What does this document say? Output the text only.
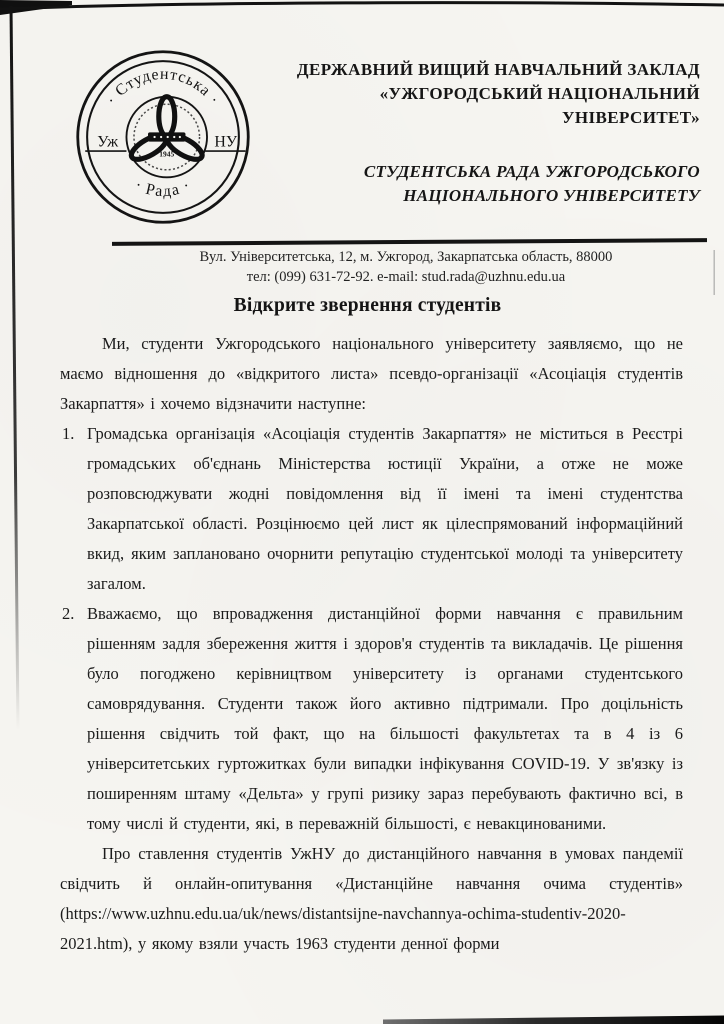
· Студентська ·
· Рада ·
Уж	НУ
1945
ДЕРЖАВНИЙ ВИЩИЙ НАВЧАЛЬНИЙ ЗАКЛАД
«УЖГОРОДСЬКИЙ НАЦІОНАЛЬНИЙ
УНІВЕРСИТЕТ»
СТУДЕНТСЬКА РАДА УЖГОРОДСЬКОГО
НАЦІОНАЛЬНОГО УНІВЕРСИТЕТУ
Вул. Університетська, 12, м. Ужгород, Закарпатська область, 88000
тел: (099) 631-72-92. e-mail: stud.rada@uzhnu.edu.ua
Відкрите звернення студентів

Ми, студенти Ужгородського національного університету заявляємо, що не маємо відношення до «відкритого листа» псевдо-організації «Асоціація студентів Закарпаття» і хочемо відзначити наступне:

1. Громадська організація «Асоціація студентів Закарпаття» не міститься в Реєстрі громадських об'єднань Міністерства юстиції України, а отже не може розповсюджувати жодні повідомлення від її імені та імені студентства Закарпатської області. Розцінюємо цей лист як цілеспрямований інформаційний вкид, яким заплановано очорнити репутацію студентської молоді та університету загалом.
2. Вважаємо, що впровадження дистанційної форми навчання є правильним рішенням задля збереження життя і здоров'я студентів та викладачів. Це рішення було погоджено керівництвом університету із органами студентського самоврядування. Студенти також його активно підтримали. Про доцільність рішення свідчить той факт, що на більшості факультетах та в 4 із 6 університетських гуртожитках були випадки інфікування COVID-19. У зв'язку із поширенням штаму «Дельта» у групі ризику зараз перебувають фактично всі, в тому числі й студенти, які, в переважній більшості, є невакцинованими.

Про ставлення студентів УжНУ до дистанційного навчання в умовах пандемії свідчить й онлайн-опитування «Дистанційне навчання очима студентів» (https://www.uzhnu.edu.ua/uk/news/distantsijne-navchannya-ochima-studentiv-2020-2021.htm), у якому взяли участь 1963 студенти денної форми
